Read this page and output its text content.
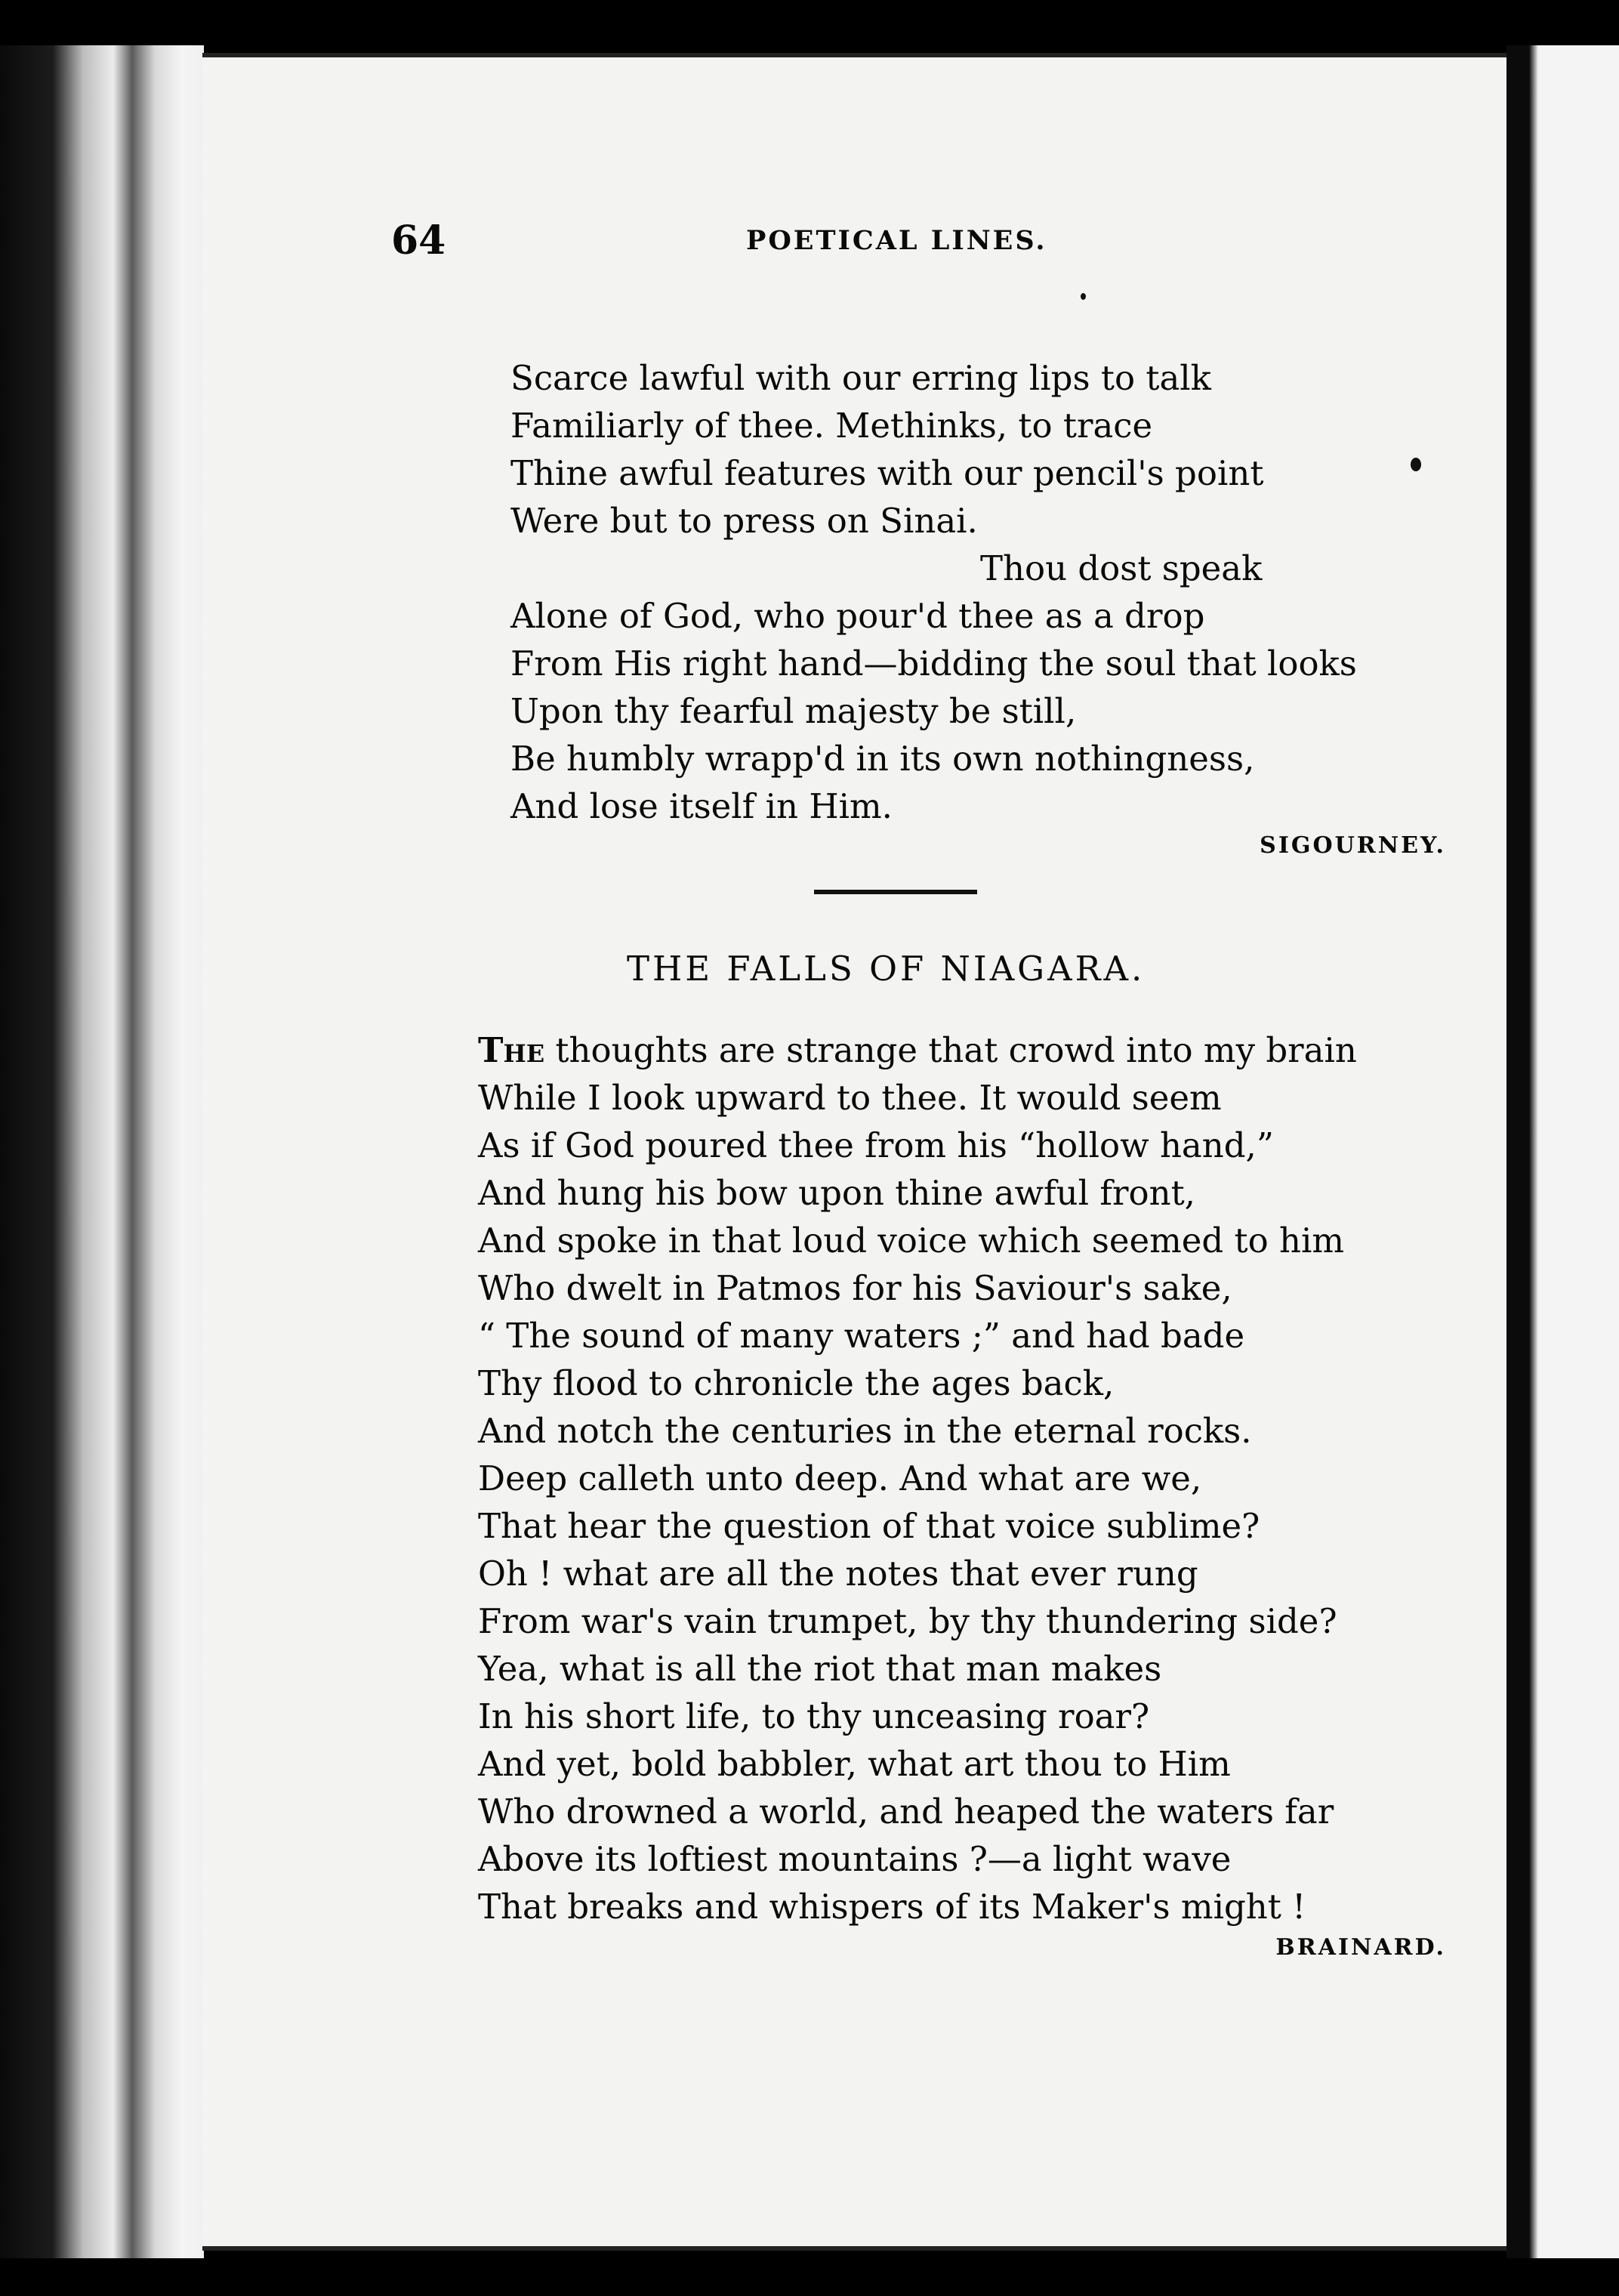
64	POETICAL LINES.
Scarce lawful with our erring lips to talk
Familiarly of thee. Methinks, to trace
Thine awful features with our pencil's point
Were but to press on Sinai.
Thou dost speak
Alone of God, who pour'd thee as a drop
From His right hand—bidding the soul that looks
Upon thy fearful majesty be still,
Be humbly wrapp'd in its own nothingness,
And lose itself in Him.
SIGOURNEY.
THE FALLS OF NIAGARA.
The thoughts are strange that crowd into my brain
While I look upward to thee. It would seem
As if God poured thee from his “hollow hand,”
And hung his bow upon thine awful front,
And spoke in that loud voice which seemed to him
Who dwelt in Patmos for his Saviour's sake,
“ The sound of many waters ;” and had bade
Thy flood to chronicle the ages back,
And notch the centuries in the eternal rocks.
Deep calleth unto deep. And what are we,
That hear the question of that voice sublime?
Oh ! what are all the notes that ever rung
From war's vain trumpet, by thy thundering side?
Yea, what is all the riot that man makes
In his short life, to thy unceasing roar?
And yet, bold babbler, what art thou to Him
Who drowned a world, and heaped the waters far
Above its loftiest mountains ?—a light wave
That breaks and whispers of its Maker's might !
BRAINARD.
